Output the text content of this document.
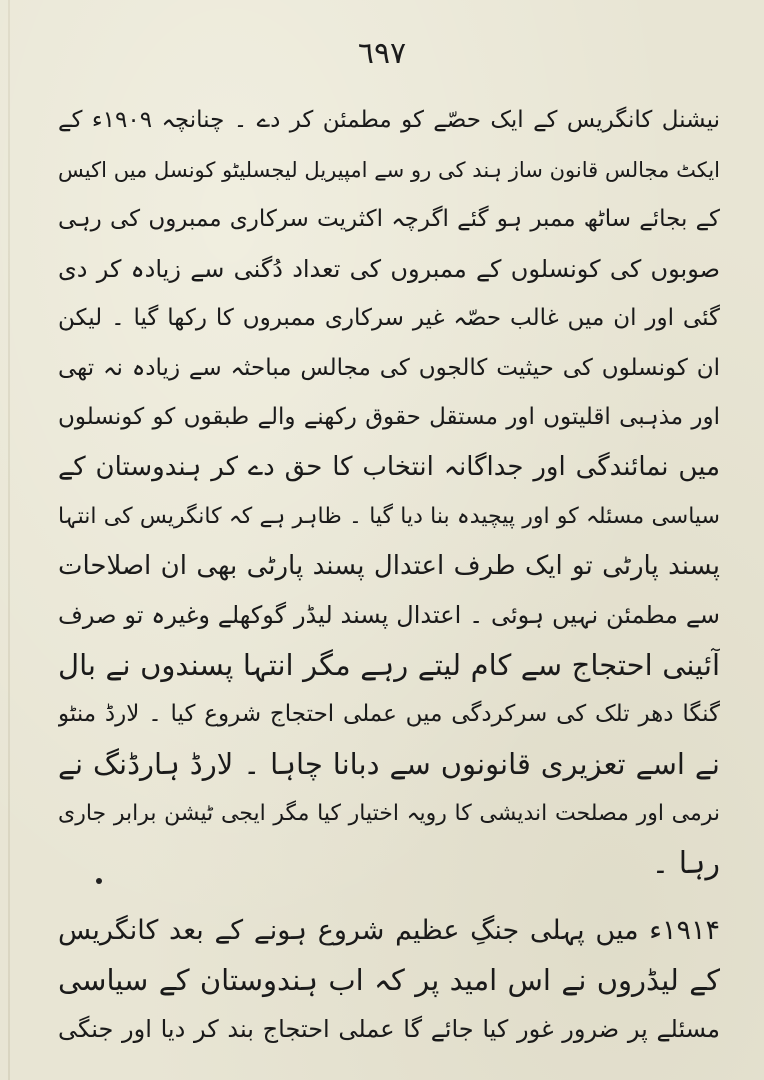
٦٩٧
نیشنل کانگریس کے ایک حصّے کو مطمئن کر دے ۔ چنانچہ ۱۹۰۹ء کے
ایکٹ مجالس قانون ساز ہند کی رو سے امپیریل لیجسلیٹو کونسل میں اکیس
کے بجائے ساٹھ ممبر ہو گئے اگرچہ اکثریت سرکاری ممبروں کی رہی
صوبوں کی کونسلوں کے ممبروں کی تعداد دُگنی سے زیادہ کر دی
گئی اور ان میں غالب حصّہ غیر سرکاری ممبروں کا رکھا گیا ۔ لیکن
ان کونسلوں کی حیثیت کالجوں کی مجالس مباحثہ سے زیادہ نہ تھی
اور مذہبی اقلیتوں اور مستقل حقوق رکھنے والے طبقوں کو کونسلوں
میں نمائندگی اور جداگانہ انتخاب کا حق دے کر ہندوستان کے
سیاسی مسئلہ کو اور پیچیدہ بنا دیا گیا ۔ ظاہر ہے کہ کانگریس کی انتہا
پسند پارٹی تو ایک طرف اعتدال پسند پارٹی بھی ان اصلاحات
سے مطمئن نہیں ہوئی ۔ اعتدال پسند لیڈر گوکھلے وغیرہ تو صرف
آئینی احتجاج سے کام لیتے رہے مگر انتہا پسندوں نے بال
گنگا دھر تلک کی سرکردگی میں عملی احتجاج شروع کیا ۔ لارڈ منٹو
نے اسے تعزیری قانونوں سے دبانا چاہا ۔ لارڈ ہارڈنگ نے
نرمی اور مصلحت اندیشی کا رویہ اختیار کیا مگر ایجی ٹیشن برابر جاری
رہا ۔
۱۹۱۴ء میں پہلی جنگِ عظیم شروع ہونے کے بعد کانگریس
کے لیڈروں نے اس امید پر کہ اب ہندوستان کے سیاسی
مسئلے پر ضرور غور کیا جائے گا عملی احتجاج بند کر دیا اور جنگی
